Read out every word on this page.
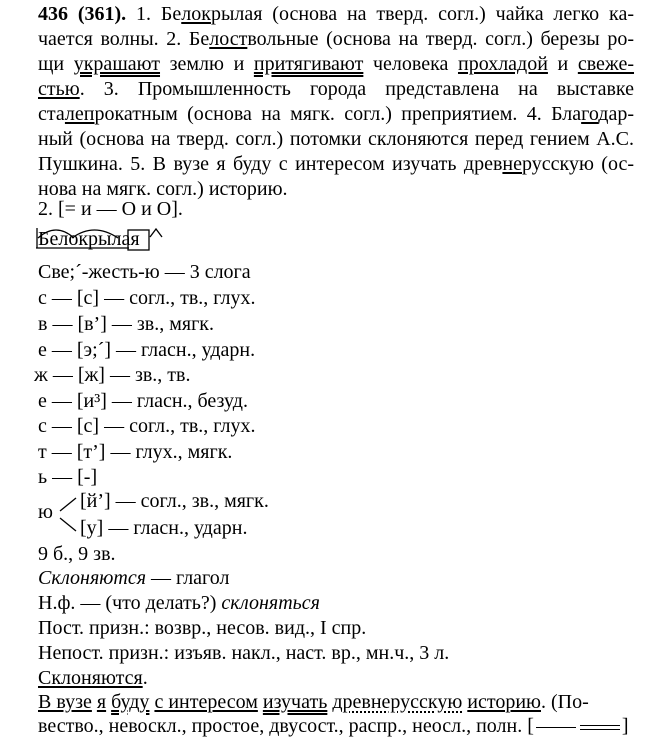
436 (361). 1. Белокрылая (основа на тверд. согл.) чайка легко ка- чается волны. 2. Белоствольные (основа на тверд. согл.) березы ро- щи украшают землю и притягивают человека прохладой и свеже- стью. 3. Промышленность города представлена на выставке сталепрокатным (основа на мягк. согл.) преприятием. 4. Благодар- ный (основа на тверд. согл.) потомки склоняются перед гением А.С. Пушкина. 5. В вузе я буду с интересом изучать древнерусскую (ос- нова на мягк. согл.) историю.
2. [= и — О и О].
Белокрылая
Све;´-жесть-ю — 3 слога
с — [с] — согл., тв., глух.
в — [в’] — зв., мягк.
е — [э;´] — гласн., ударн.
ж — [ж] — зв., тв.
е — [и³] — гласн., безуд.
с — [с] — согл., тв., глух.
т — [т’] — глух., мягк.
ь — [-]
ю [й’] — согл., зв., мягк.
[у] — гласн., ударн.
9 б., 9 зв.
Склоняются — глагол
Н.ф. — (что делать?) склоняться
Пост. призн.: возвр., несов. вид., I спр.
Непост. призн.: изъяв. накл., наст. вр., мн.ч., 3 л.
Склоняются.
В вузе я буду с интересом изучать древнерусскую историю. (По-
вество., невоскл., простое, двусост., распр., неосл., полн. [	]
